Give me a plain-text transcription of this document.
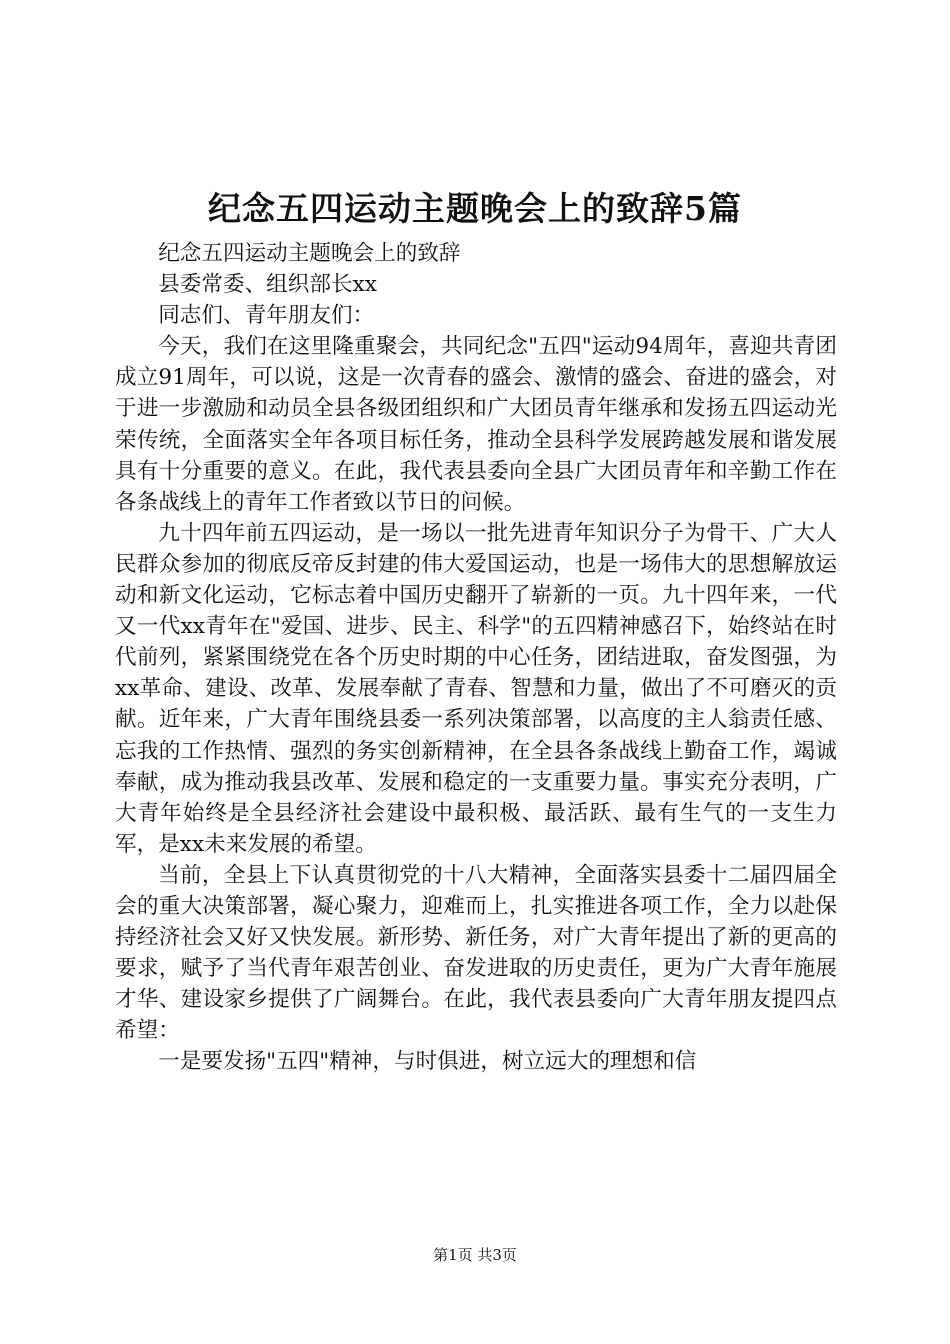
纪念五四运动主题晚会上的致辞5篇

纪念五四运动主题晚会上的致辞

县委常委、组织部长xx

同志们、青年朋友们：

今天，我们在这里隆重聚会，共同纪念"五四"运动94周年，喜迎共青团成立91周年，可以说，这是一次青春的盛会、激情的盛会、奋进的盛会，对于进一步激励和动员全县各级团组织和广大团员青年继承和发扬五四运动光荣传统，全面落实全年各项目标任务，推动全县科学发展跨越发展和谐发展具有十分重要的意义。在此，我代表县委向全县广大团员青年和辛勤工作在各条战线上的青年工作者致以节日的问候。

九十四年前五四运动，是一场以一批先进青年知识分子为骨干、广大人民群众参加的彻底反帝反封建的伟大爱国运动，也是一场伟大的思想解放运动和新文化运动，它标志着中国历史翻开了崭新的一页。九十四年来，一代又一代xx青年在"爱国、进步、民主、科学"的五四精神感召下，始终站在时代前列，紧紧围绕党在各个历史时期的中心任务，团结进取，奋发图强，为xx革命、建设、改革、发展奉献了青春、智慧和力量，做出了不可磨灭的贡献。近年来，广大青年围绕县委一系列决策部署，以高度的主人翁责任感、忘我的工作热情、强烈的务实创新精神，在全县各条战线上勤奋工作，竭诚奉献，成为推动我县改革、发展和稳定的一支重要力量。事实充分表明，广大青年始终是全县经济社会建设中最积极、最活跃、最有生气的一支生力军，是xx未来发展的希望。

当前，全县上下认真贯彻党的十八大精神，全面落实县委十二届四届全会的重大决策部署，凝心聚力，迎难而上，扎实推进各项工作，全力以赴保持经济社会又好又快发展。新形势、新任务，对广大青年提出了新的更高的要求，赋予了当代青年艰苦创业、奋发进取的历史责任，更为广大青年施展才华、建设家乡提供了广阔舞台。在此，我代表县委向广大青年朋友提四点希望：

一是要发扬"五四"精神，与时俱进，树立远大的理想和信

第1页 共3页
